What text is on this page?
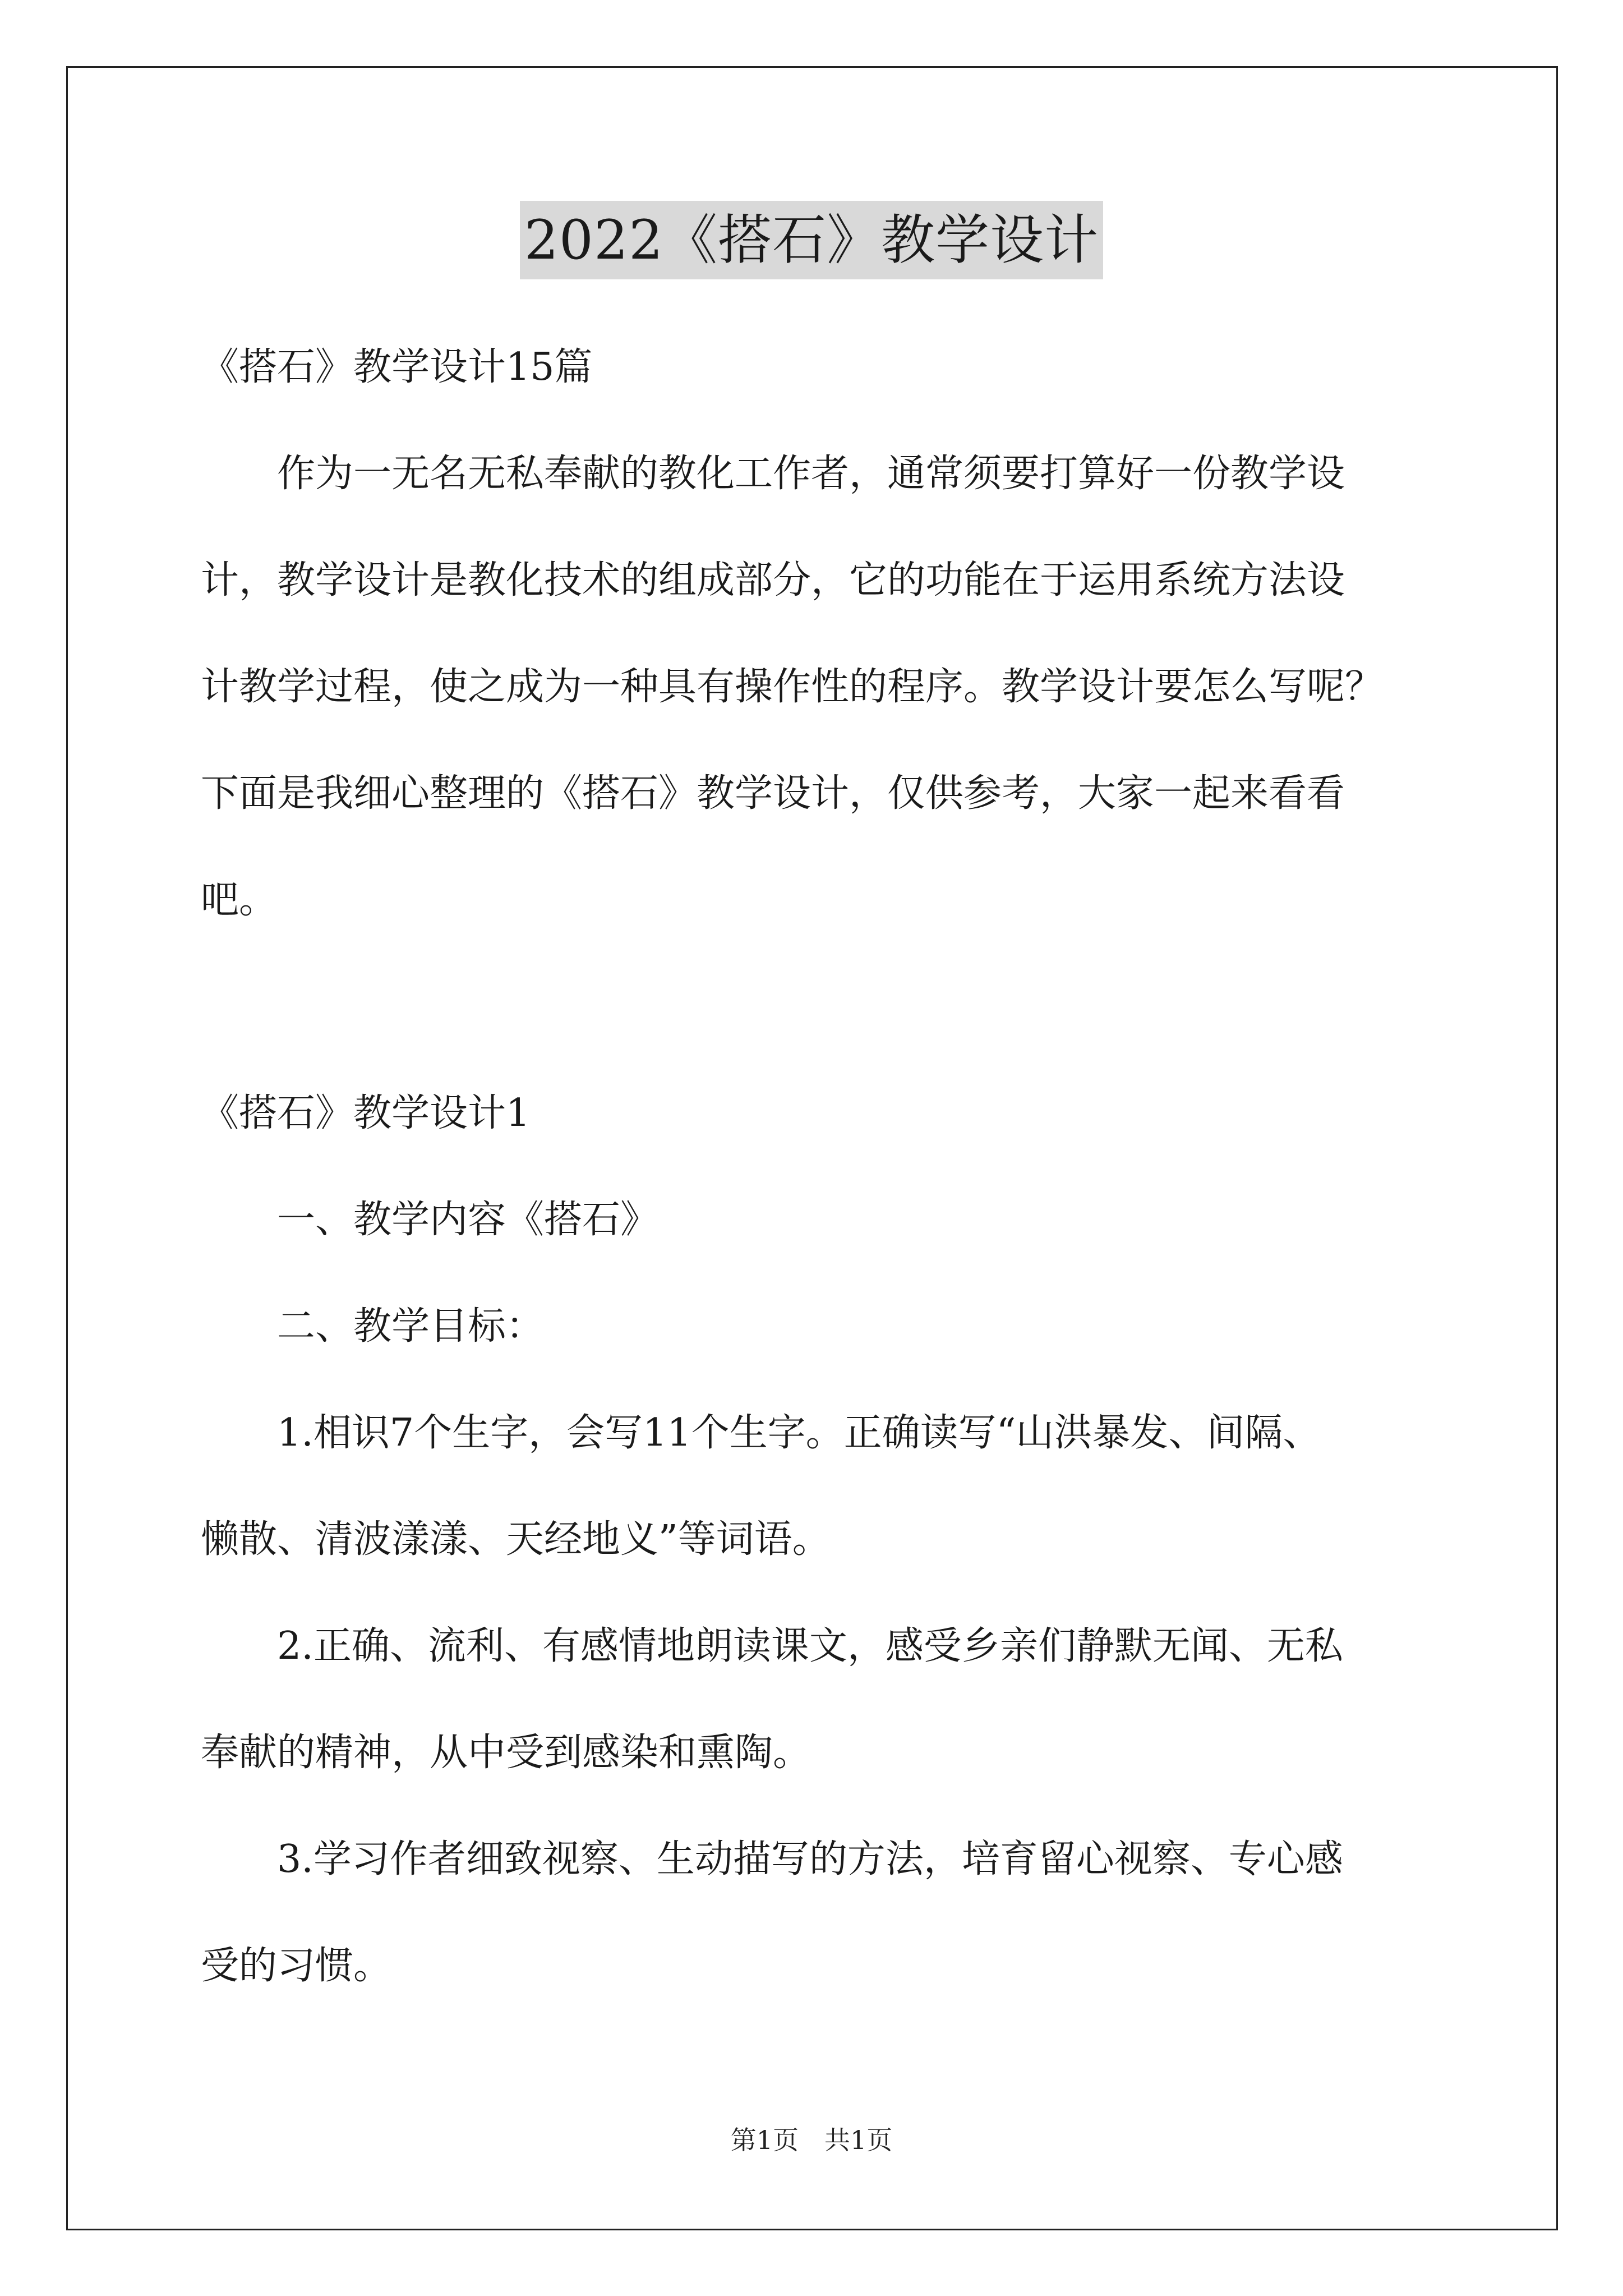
2022《搭石》教学设计

《搭石》教学设计15篇

作为一无名无私奉献的教化工作者，通常须要打算好一份教学设

计，教学设计是教化技术的组成部分，它的功能在于运用系统方法设

计教学过程，使之成为一种具有操作性的程序。教学设计要怎么写呢？

下面是我细心整理的《搭石》教学设计，仅供参考，大家一起来看看

吧。

《搭石》教学设计1

一、教学内容《搭石》

二、教学目标：

1.相识7个生字，会写11个生字。正确读写“山洪暴发、间隔、

懒散、清波漾漾、天经地义”等词语。

2.正确、流利、有感情地朗读课文，感受乡亲们静默无闻、无私

奉献的精神，从中受到感染和熏陶。

3.学习作者细致视察、生动描写的方法，培育留心视察、专心感

受的习惯。

第1页　共1页
